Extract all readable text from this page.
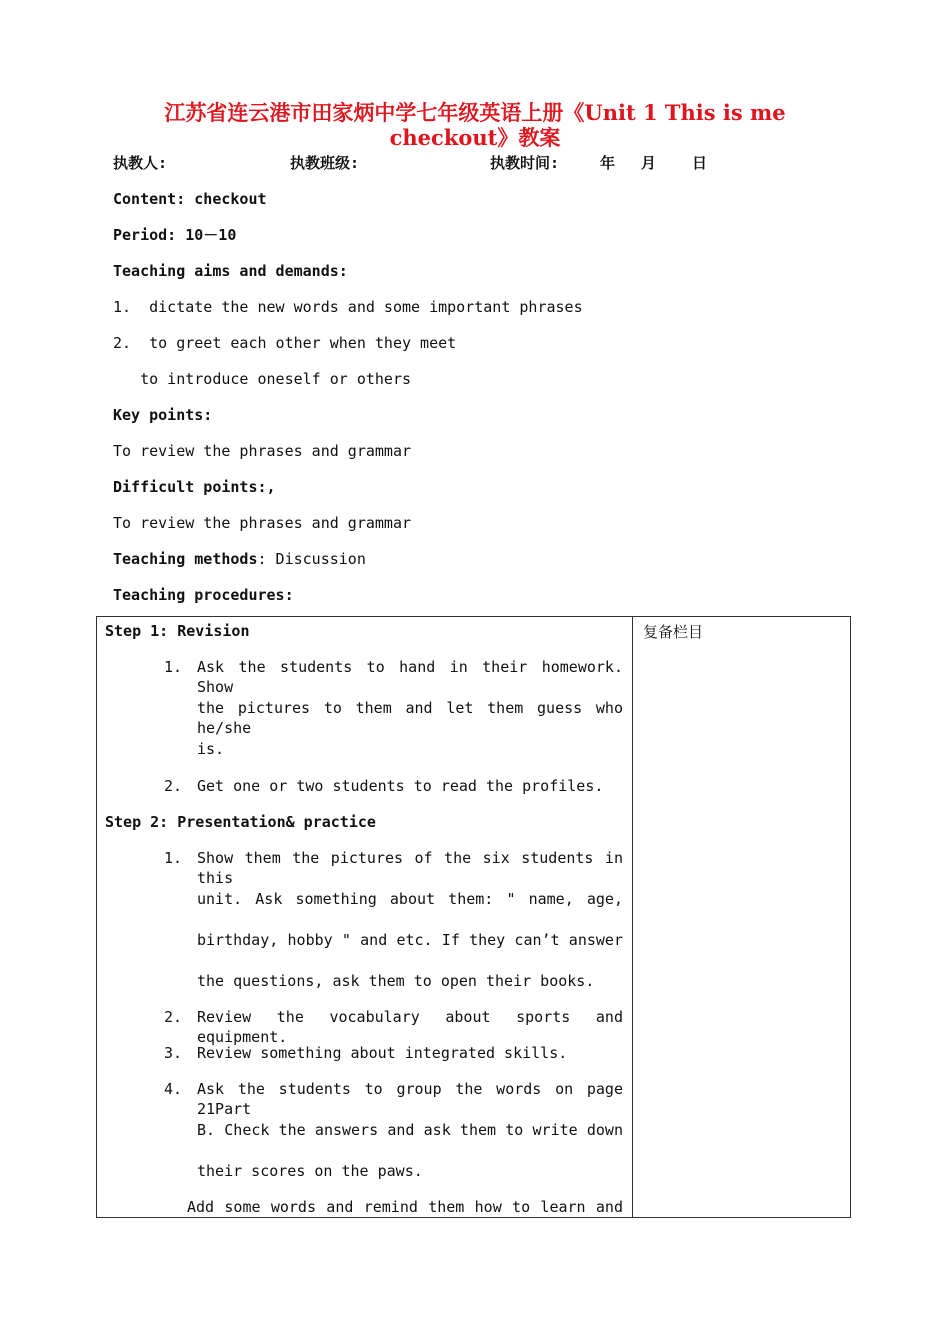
江苏省连云港市田家炳中学七年级英语上册《Unit 1 This is me
checkout》教案
执教人:	执教班级:	执教时间:	年 月 日
Content: checkout
Period: 10－10
Teaching aims and demands:
1.  dictate the new words and some important phrases
2.  to greet each other when they meet
to introduce oneself or others
Key points:
To review the phrases and grammar
Difficult points:,
To review the phrases and grammar
Teaching methods: Discussion
Teaching procedures:
Step 1: Revision
1. Ask the students to hand in their homework. Show
the pictures to them and let them guess who he/she
is.
2. Get one or two students to read the profiles.
Step 2: Presentation& practice
1. Show them the pictures of the six students in this
unit. Ask something about them: " name, age,
birthday, hobby " and etc. If they can’t answer
the questions, ask them to open their books.
2. Review the vocabulary about sports and equipment.
3. Review something about integrated skills.
4. Ask the students to group the words on page 21Part
B. Check the answers and ask them to write down
their scores on the paws.
Add some words and remind them how to learn and

复备栏目
